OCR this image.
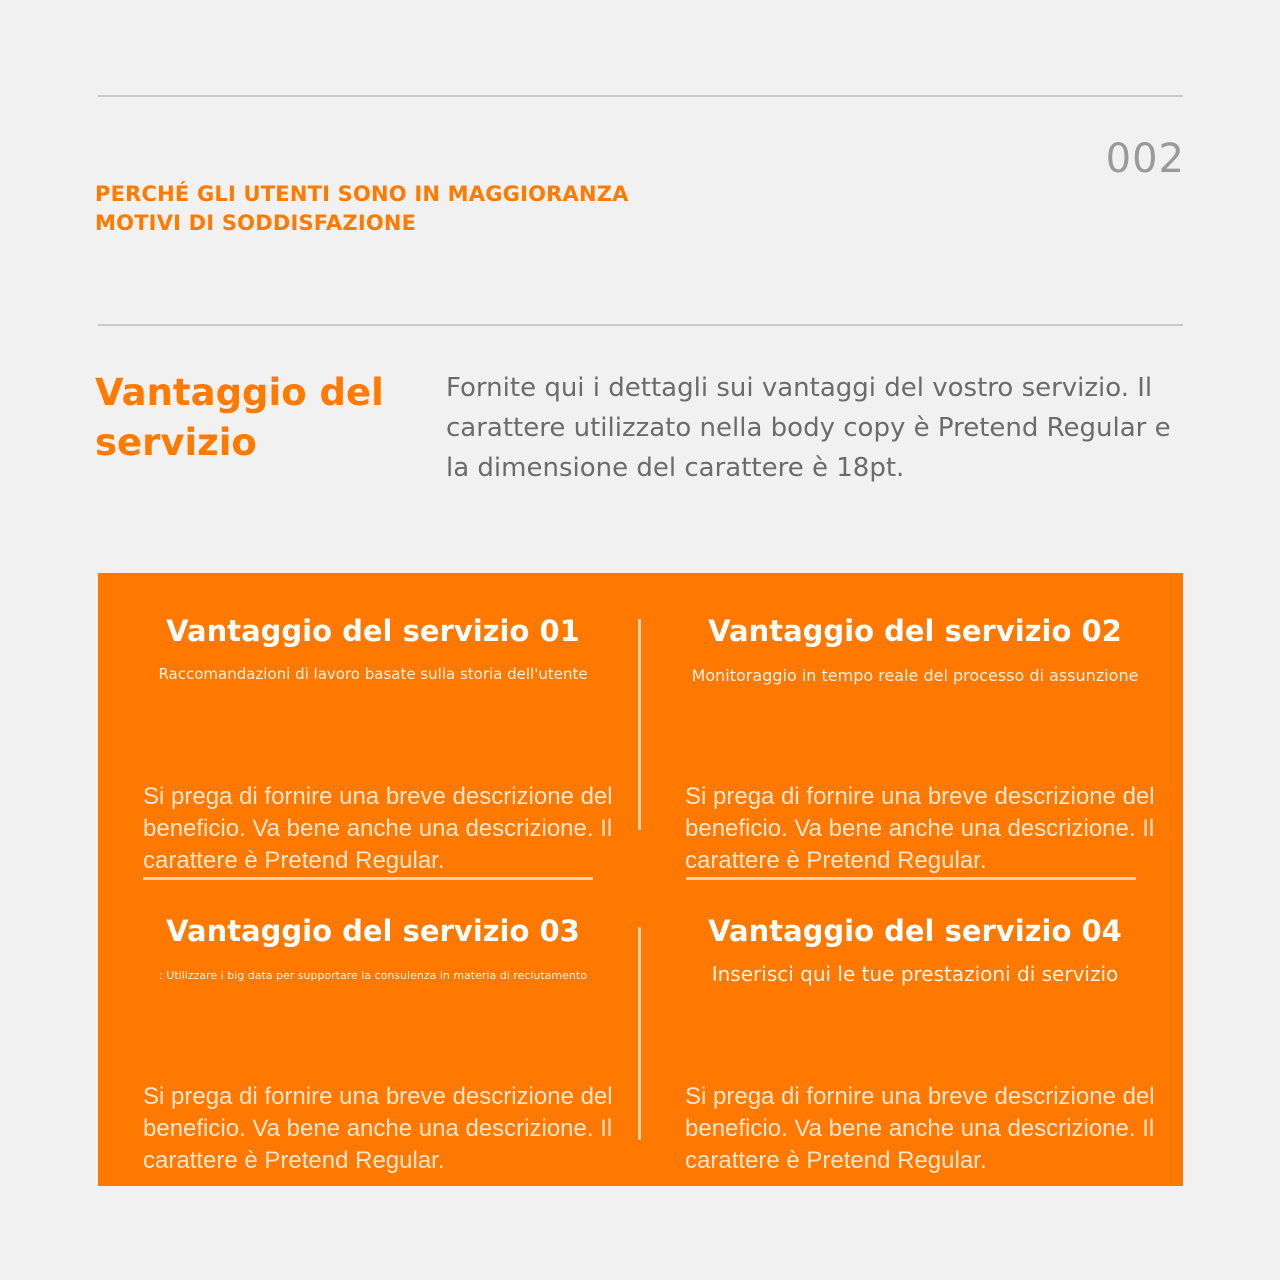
002
PERCHÉ GLI UTENTI SONO IN MAGGIORANZA
MOTIVI DI SODDISFAZIONE
Vantaggio del servizio
Fornite qui i dettagli sui vantaggi del vostro servizio. Il carattere utilizzato nella body copy è Pretend Regular e la dimensione del carattere è 18pt.
Vantaggio del servizio 01
Raccomandazioni di lavoro basate sulla storia dell'utente
Si prega di fornire una breve descrizione del beneficio. Va bene anche una descrizione. Il carattere è Pretend Regular.
Vantaggio del servizio 02
Monitoraggio in tempo reale del processo di assunzione
Si prega di fornire una breve descrizione del beneficio. Va bene anche una descrizione. Il carattere è Pretend Regular.
Vantaggio del servizio 03
: Utilizzare i big data per supportare la consulenza in materia di reclutamento
Si prega di fornire una breve descrizione del beneficio. Va bene anche una descrizione. Il carattere è Pretend Regular.
Vantaggio del servizio 04
Inserisci qui le tue prestazioni di servizio
Si prega di fornire una breve descrizione del beneficio. Va bene anche una descrizione. Il carattere è Pretend Regular.
